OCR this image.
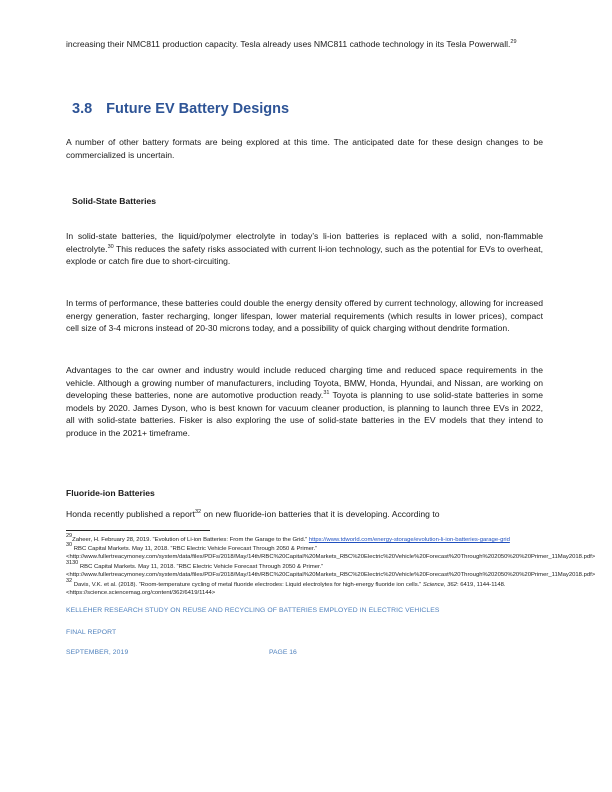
increasing their NMC811 production capacity. Tesla already uses NMC811 cathode technology in its Tesla Powerwall.$^{29}$

3.8 Future EV Battery Designs

A number of other battery formats are being explored at this time. The anticipated date for these design changes to be commercialized is uncertain.

Solid-State Batteries

In solid-state batteries, the liquid/polymer electrolyte in today’s li-ion batteries is replaced with a solid, non-flammable electrolyte.$^{30}$ This reduces the safety risks associated with current li-ion technology, such as the potential for EVs to overheat, explode or catch fire due to short-circuiting.

In terms of performance, these batteries could double the energy density offered by current technology, allowing for increased energy generation, faster recharging, longer lifespan, lower material requirements (which results in lower prices), compact cell size of 3-4 microns instead of 20-30 microns today, and a possibility of quick charging without dendrite formation.

Advantages to the car owner and industry would include reduced charging time and reduced space requirements in the vehicle. Although a growing number of manufacturers, including Toyota, BMW, Honda, Hyundai, and Nissan, are working on developing these batteries, none are automotive production ready.$^{31}$ Toyota is planning to use solid-state batteries in some models by 2020. James Dyson, who is best known for vacuum cleaner production, is planning to launch three EVs in 2022, all with solid-state batteries. Fisker is also exploring the use of solid-state batteries in the EV models that they intend to produce in the 2021+ timeframe.

Fluoride-ion Batteries

Honda recently published a report$^{32}$ on new fluoride-ion batteries that it is developing. According to

$^{29}$Zaheer, H. February 28, 2019. “Evolution of Li-ion Batteries: From the Garage to the Grid.” https://www.tdworld.com/energy-storage/evolution-li-ion-batteries-garage-grid

$^{30}$ RBC Capital Markets. May 11, 2018. “RBC Electric Vehicle Forecast Through 2050 & Primer.” <http://www.fullertreacymoney.com/system/data/files/PDFs/2018/May/14th/RBC%20Capital%20Markets_RBC%20Electric%20Vehicle%20Forecast%20Through%202050%20%20Primer_11May2018.pdf>

$^{3130}$ RBC Capital Markets. May 11, 2018. “RBC Electric Vehicle Forecast Through 2050 & Primer.” <http://www.fullertreacymoney.com/system/data/files/PDFs/2018/May/14th/RBC%20Capital%20Markets_RBC%20Electric%20Vehicle%20Forecast%20Through%202050%20%20Primer_11May2018.pdf>

$^{32}$ Davis, V.K. et al. (2018). “Room-temperature cycling of metal fluoride electrodes: Liquid electrolytes for high-energy fluoride ion cells.” Science, 362: 6419, 1144-1148. <https://science.sciencemag.org/content/362/6419/1144>

KELLEHER RESEARCH STUDY ON REUSE AND RECYCLING OF BATTERIES EMPLOYED IN ELECTRIC VEHICLES

FINAL REPORT

SEPTEMBER, 2019	PAGE 16
